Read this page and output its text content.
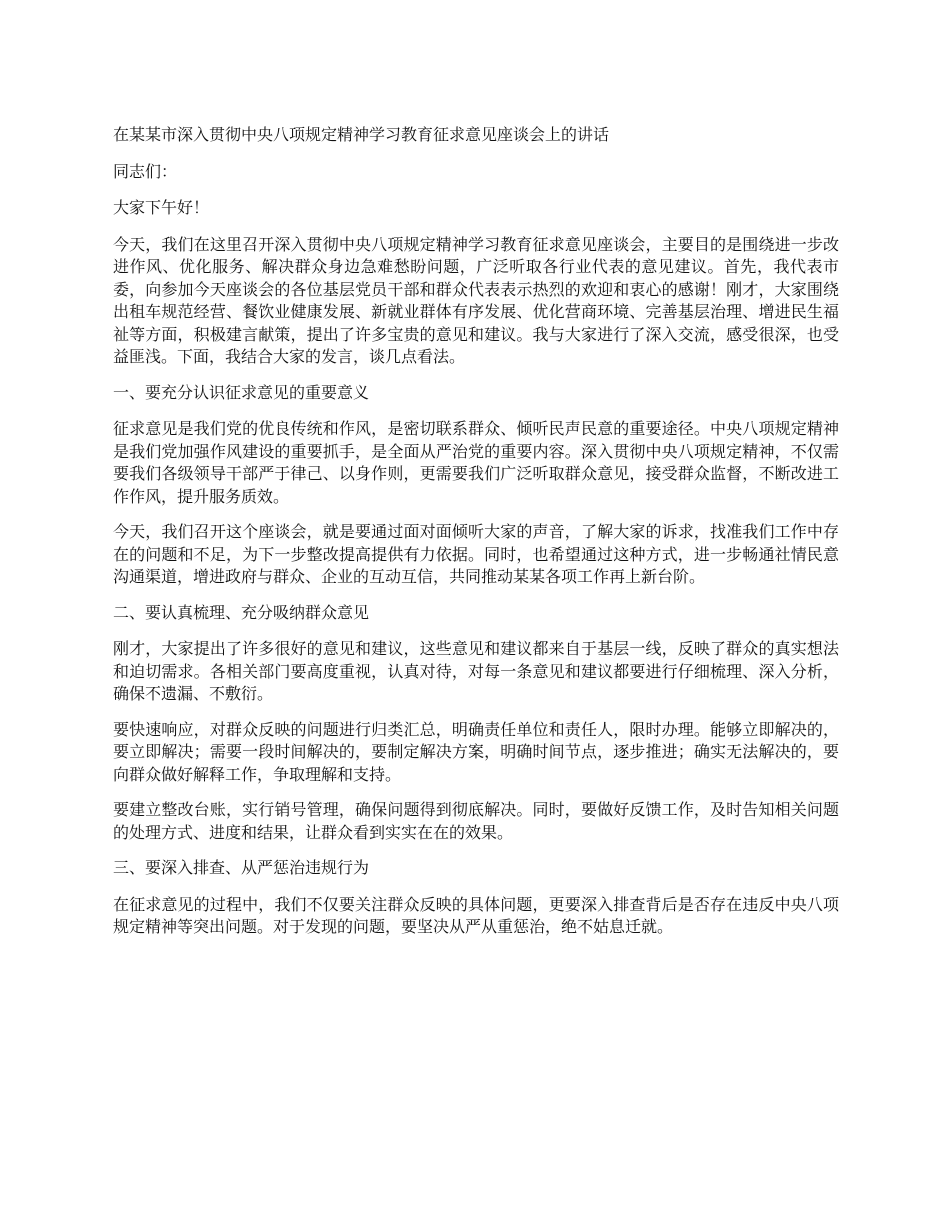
在某某市深入贯彻中央八项规定精神学习教育征求意见座谈会上的讲话

同志们：

大家下午好！

今天，我们在这里召开深入贯彻中央八项规定精神学习教育征求意见座谈会，主要目的是围绕进一步改进作风、优化服务、解决群众身边急难愁盼问题，广泛听取各行业代表的意见建议。首先，我代表市委，向参加今天座谈会的各位基层党员干部和群众代表表示热烈的欢迎和衷心的感谢！刚才，大家围绕出租车规范经营、餐饮业健康发展、新就业群体有序发展、优化营商环境、完善基层治理、增进民生福祉等方面，积极建言献策，提出了许多宝贵的意见和建议。我与大家进行了深入交流，感受很深，也受益匪浅。下面，我结合大家的发言，谈几点看法。

一、要充分认识征求意见的重要意义

征求意见是我们党的优良传统和作风，是密切联系群众、倾听民声民意的重要途径。中央八项规定精神是我们党加强作风建设的重要抓手，是全面从严治党的重要内容。深入贯彻中央八项规定精神，不仅需要我们各级领导干部严于律己、以身作则，更需要我们广泛听取群众意见，接受群众监督，不断改进工作作风，提升服务质效。

今天，我们召开这个座谈会，就是要通过面对面倾听大家的声音，了解大家的诉求，找准我们工作中存在的问题和不足，为下一步整改提高提供有力依据。同时，也希望通过这种方式，进一步畅通社情民意沟通渠道，增进政府与群众、企业的互动互信，共同推动某某各项工作再上新台阶。

二、要认真梳理、充分吸纳群众意见

刚才，大家提出了许多很好的意见和建议，这些意见和建议都来自于基层一线，反映了群众的真实想法和迫切需求。各相关部门要高度重视，认真对待，对每一条意见和建议都要进行仔细梳理、深入分析，确保不遗漏、不敷衍。

要快速响应，对群众反映的问题进行归类汇总，明确责任单位和责任人，限时办理。能够立即解决的，要立即解决；需要一段时间解决的，要制定解决方案，明确时间节点，逐步推进；确实无法解决的，要向群众做好解释工作，争取理解和支持。

要建立整改台账，实行销号管理，确保问题得到彻底解决。同时，要做好反馈工作，及时告知相关问题的处理方式、进度和结果，让群众看到实实在在的效果。

三、要深入排查、从严惩治违规行为

在征求意见的过程中，我们不仅要关注群众反映的具体问题，更要深入排查背后是否存在违反中央八项规定精神等突出问题。对于发现的问题，要坚决从严从重惩治，绝不姑息迁就。
